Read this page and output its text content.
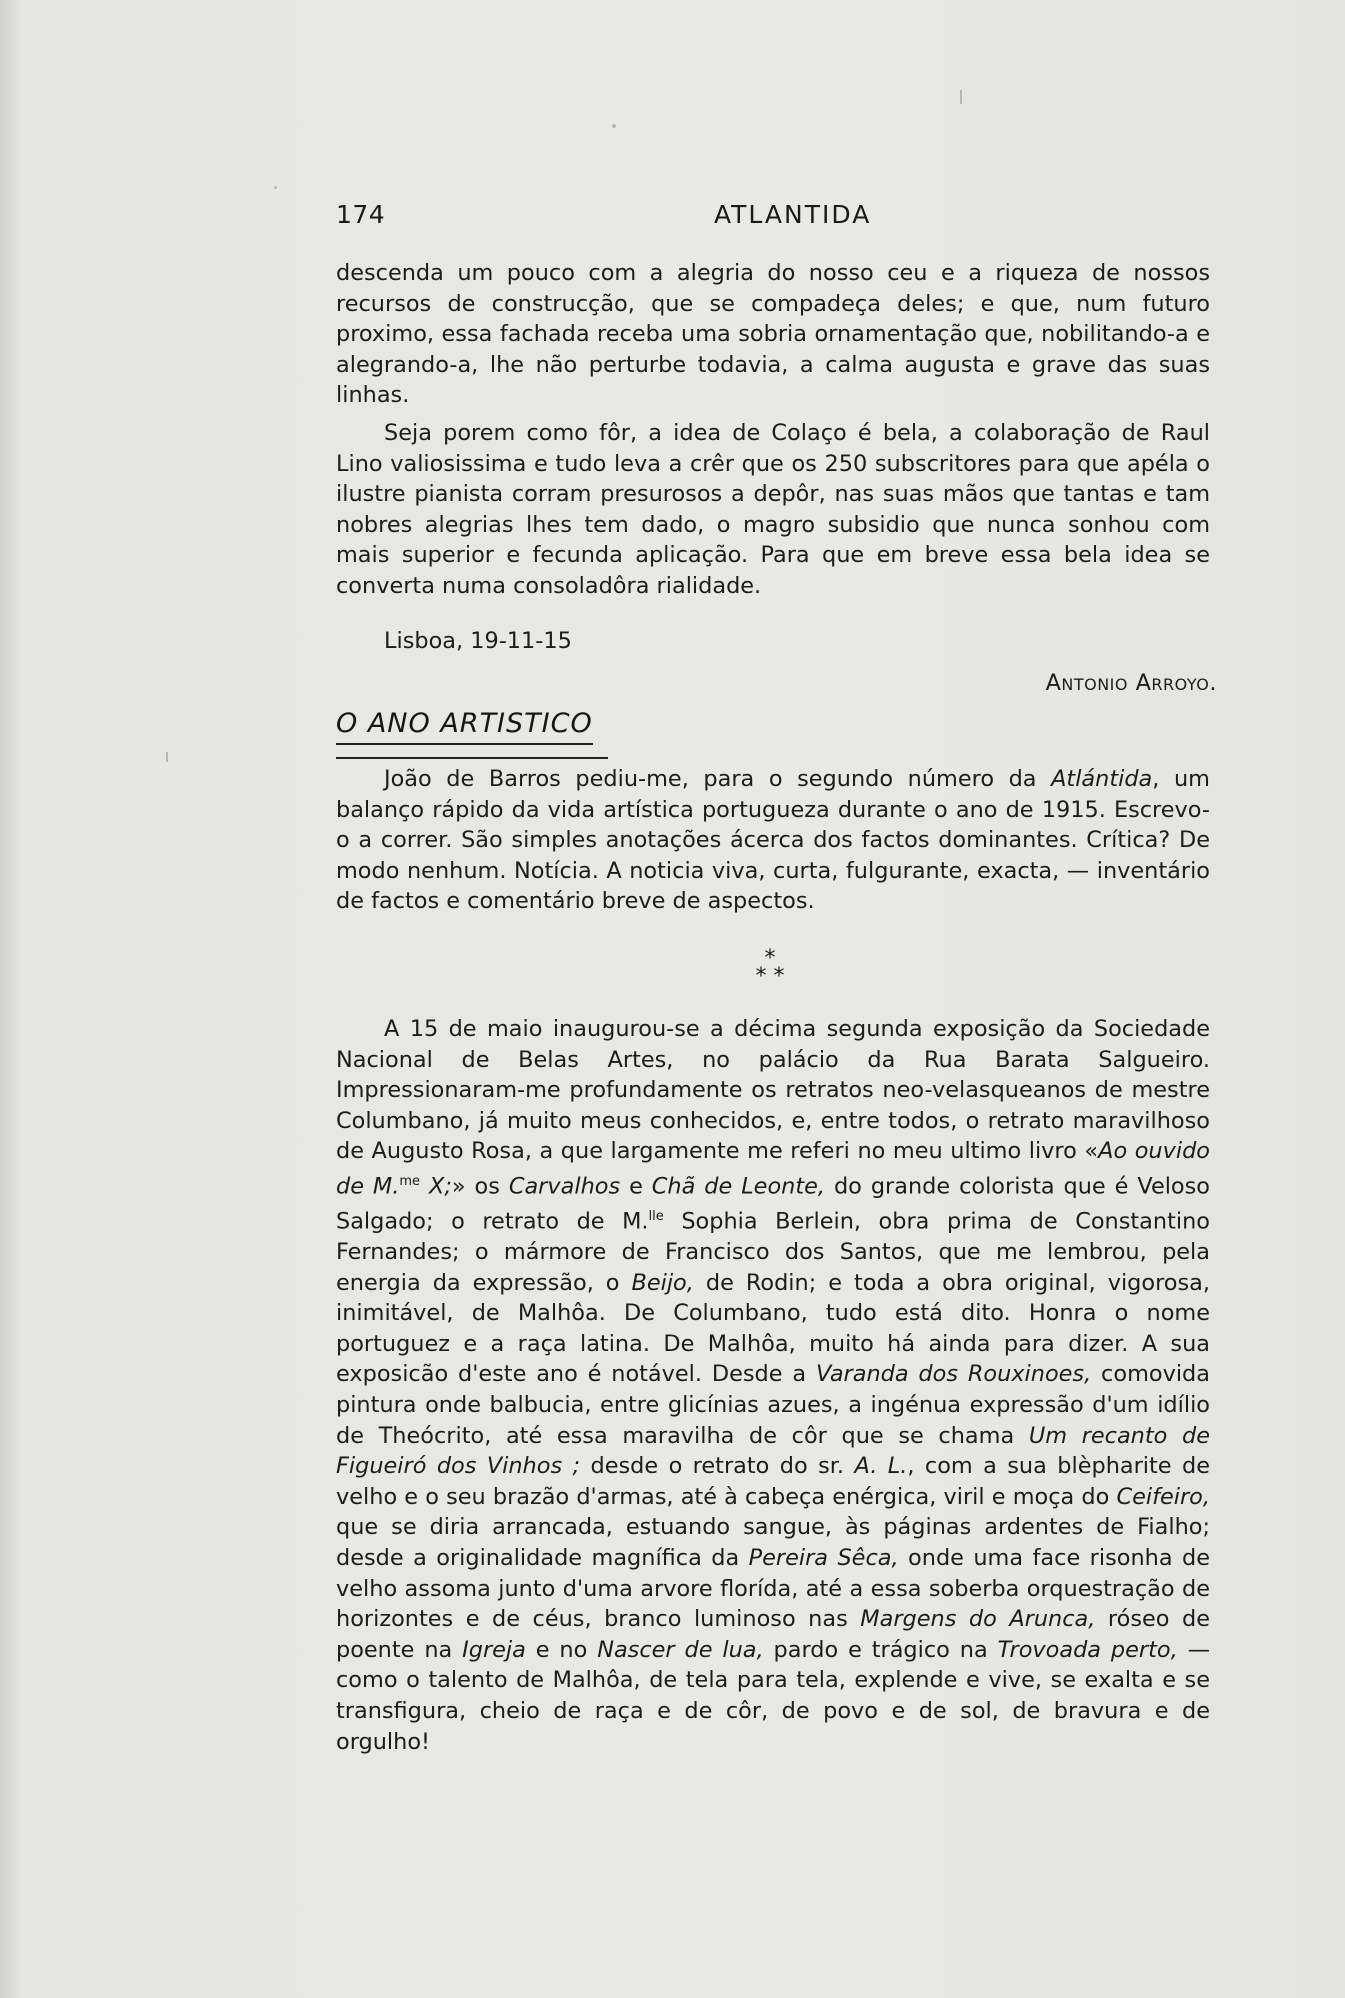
174	ATLANTIDA

descenda um pouco com a alegria do nosso ceu e a riqueza de nossos recursos de construcção, que se compadeça deles; e que, num futuro proximo, essa fachada receba uma sobria ornamentação que, nobilitando-a e alegrando-a, lhe não perturbe todavia, a calma augusta e grave das suas linhas.

Seja porem como fôr, a idea de Colaço é bela, a colaboração de Raul Lino valiosissima e tudo leva a crêr que os 250 subscritores para que apéla o ilustre pianista corram presurosos a depôr, nas suas mãos que tantas e tam nobres alegrias lhes tem dado, o magro subsidio que nunca sonhou com mais superior e fecunda aplicação. Para que em breve essa bela idea se converta numa consoladôra rialidade.

Lisboa, 19-11-15
Antonio Arroyo.
O ANO ARTISTICO

João de Barros pediu-me, para o segundo número da Atlántida, um balanço rápido da vida artística portugueza durante o ano de 1915. Escrevo-o a correr. São simples anotações ácerca dos factos dominantes. Crítica? De modo nenhum. Notícia. A noticia viva, curta, fulgurante, exacta, — inventário de factos e comentário breve de aspectos.

*
* *

A 15 de maio inaugurou-se a décima segunda exposição da Sociedade Nacional de Belas Artes, no palácio da Rua Barata Salgueiro. Impressionaram-me profundamente os retratos neo-velasqueanos de mestre Columbano, já muito meus conhecidos, e, entre todos, o retrato maravilhoso de Augusto Rosa, a que largamente me referi no meu ultimo livro «Ao ouvido de M.$^{me}$ X;» os Carvalhos e Chã de Leonte, do grande colorista que é Veloso Salgado; o retrato de M.$^{lle}$ Sophia Berlein, obra prima de Constantino Fernandes; o mármore de Francisco dos Santos, que me lembrou, pela energia da expressão, o Beijo, de Rodin; e toda a obra original, vigorosa, inimitável, de Malhôa. De Columbano, tudo está dito. Honra o nome portuguez e a raça latina. De Malhôa, muito há ainda para dizer. A sua exposicão d'este ano é notável. Desde a Varanda dos Rouxinoes, comovida pintura onde balbucia, entre glicínias azues, a ingénua expressão d'um idílio de Theócrito, até essa maravilha de côr que se chama Um recanto de Figueiró dos Vinhos ; desde o retrato do sr. A. L., com a sua blèpharite de velho e o seu brazão d'armas, até à cabeça enérgica, viril e moça do Ceifeiro, que se diria arrancada, estuando sangue, às páginas ardentes de Fialho; desde a originalidade magnífica da Pereira Sêca, onde uma face risonha de velho assoma junto d'uma arvore florída, até a essa soberba orquestração de horizontes e de céus, branco luminoso nas Margens do Arunca, róseo de poente na Igreja e no Nascer de lua, pardo e trágico na Trovoada perto, — como o talento de Malhôa, de tela para tela, explende e vive, se exalta e se transfigura, cheio de raça e de côr, de povo e de sol, de bravura e de orgulho!
